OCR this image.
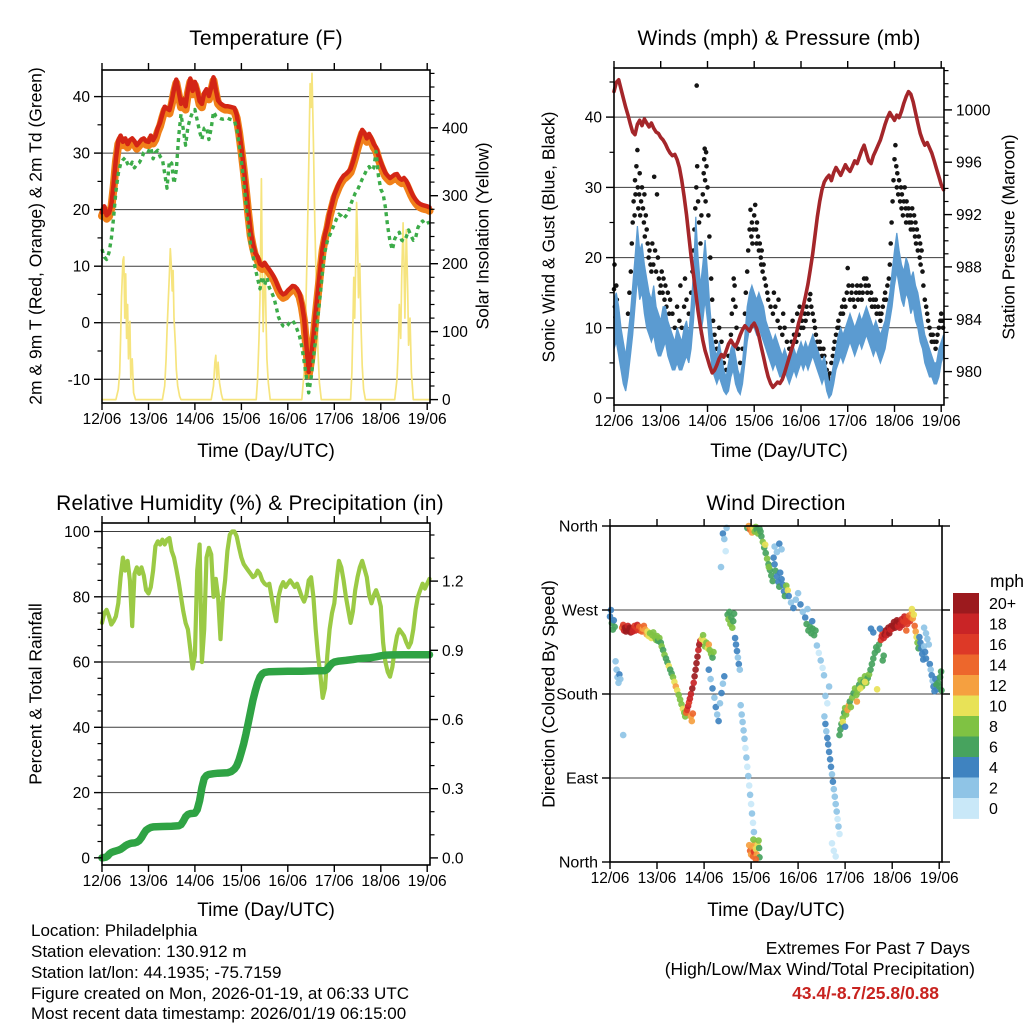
12/06 13/06 14/06 15/06 16/06 17/06 18/06 19/06
-10
0
10
20
30
40
0
100
200
300
400
12/06 13/06 14/06 15/06 16/06 17/06 18/06 19/06
0
10
20
30
40
980
984
988
992
996
1000
12/06 13/06 14/06 15/06 16/06 17/06 18/06 19/06
0
20
40
60
80
100
0.0
0.3
0.6
0.9
1.2
12/06 13/06 14/06 15/06 16/06 17/06 18/06 19/06
North
West
South
East
North
20+
18
16
14
12
10
8
6
4
2
0
Temperature (F)	Winds (mph) & Pressure (mb)
Relative Humidity (%) & Precipitation (in)	Wind Direction
Time (Day/UTC)	Time (Day/UTC)
Time (Day/UTC)	Time (Day/UTC)
2m & 9m T (Red, Orange) & 2m Td (Green)	Solar Insolation (Yellow)	Sonic Wind & Gust (Blue, Black)	Station Pressure (Maroon)
Percent & Total Rainfall	Direction (Colored By Speed)	mph
Location: Philadelphia
Station elevation: 130.912 m
Station lat/lon: 44.1935; -75.7159
Figure created on Mon, 2026-01-19, at 06:33 UTC
Most recent data timestamp: 2026/01/19 06:15:00
Extremes For Past 7 Days
(High/Low/Max Wind/Total Precipitation)
43.4/-8.7/25.8/0.88
